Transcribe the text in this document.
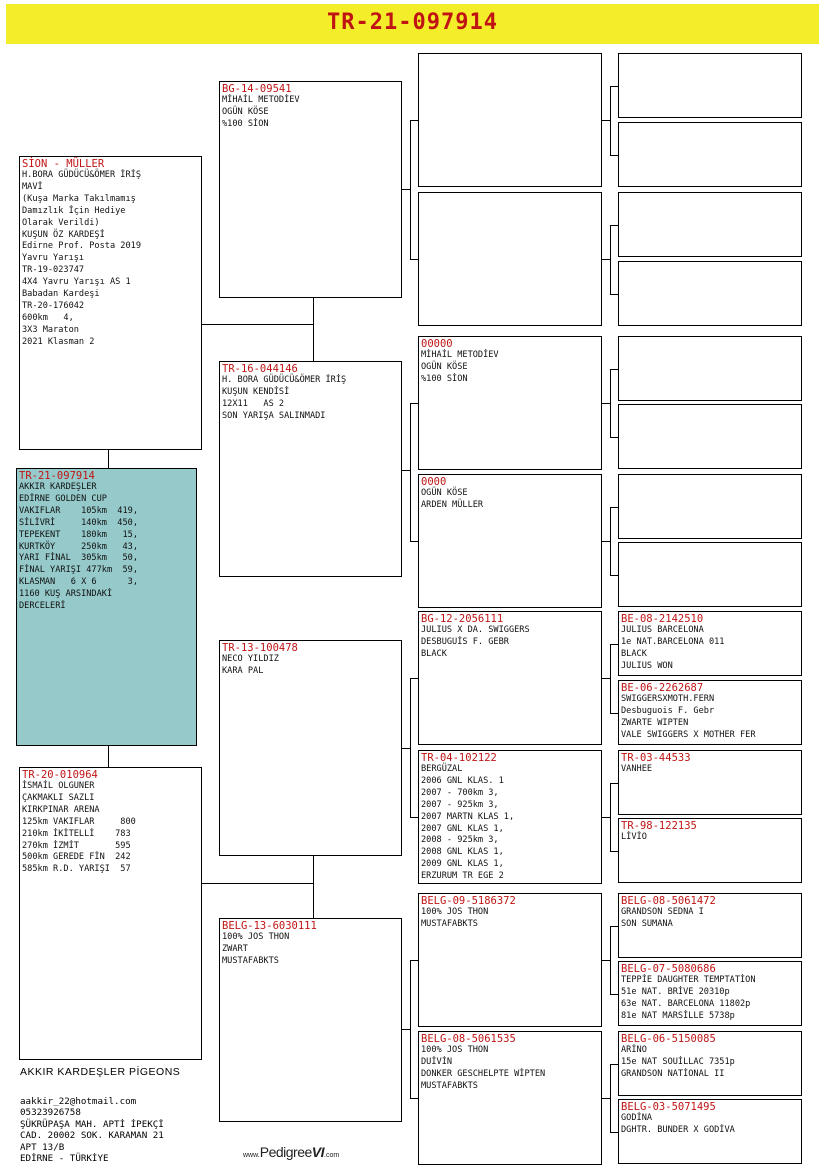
TR-21-097914
SİON - MÜLLER
H.BORA GÜDÜCÜ&ÖMER İRİŞ
MAVİ
(Kuşa Marka Takılmamış
Damızlık İçin Hediye
Olarak Verildi)
KUŞUN ÖZ KARDEŞİ
Edirne Prof. Posta 2019
Yavru Yarışı
TR-19-023747
4X4 Yavru Yarışı AS 1
Babadan Kardeşi
TR-20-176042
600km   4,
3X3 Maraton
2021 Klasman 2
TR-21-097914
AKKIR KARDEŞLER
EDİRNE GOLDEN CUP
VAKIFLAR    105km  419,
SİLİVRİ     140km  450,
TEPEKENT    180km   15,
KURTKÖY     250km   43,
YARI FİNAL  305km   50,
FİNAL YARIŞI 477km  59,
KLASMAN   6 X 6      3,
1160 KUŞ ARSINDAKİ
DERCELERİ
TR-20-010964
İSMAİL OLGUNER
ÇAKMAKLI SAZLI
KIRKPINAR ARENA
125km VAKIFLAR     800
210km İKİTELLİ    783
270km İZMİT       595
500km GEREDE FİN  242
585km R.D. YARIŞI  57
BG-14-09541
MİHAİL METODİEV
OGÜN KÖSE
%100 SİON
TR-16-044146
H. BORA GÜDÜCÜ&ÖMER İRİŞ
KUŞUN KENDİSİ
12X11   AS 2
SON YARIŞA SALINMADI
TR-13-100478
NECO YILDIZ
KARA PAL
BELG-13-6030111
100% JOS THON
ZWART
MUSTAFABKTS
00000
MİHAİL METODİEV
OGÜN KÖSE
%100 SİON
0000
OGÜN KÖSE
ARDEN MÜLLER
BG-12-2056111
JULIUS X DA. SWIGGERS
DESBUGUİS F. GEBR
BLACK
TR-04-102122
BERGÜZAL
2006 GNL KLAS. 1
2007 - 700km 3,
2007 - 925km 3,
2007 MARTN KLAS 1,
2007 GNL KLAS 1,
2008 - 925km 3,
2008 GNL KLAS 1,
2009 GNL KLAS 1,
ERZURUM TR EGE 2
BELG-09-5186372
100% JOS THON
MUSTAFABKTS
BELG-08-5061535
100% JOS THON
DUİVİN
DONKER GESCHELPTE WİPTEN
MUSTAFABKTS
BE-08-2142510
JULIUS BARCELONA
1e NAT.BARCELONA 011
BLACK
JULIUS WON
BE-06-2262687
SWIGGERSXMOTH.FERN
Desbuguois F. Gebr
ZWARTE WIPTEN
VALE SWIGGERS X MOTHER FER
TR-03-44533
VANHEE
TR-98-122135
LİVİO
BELG-08-5061472
GRANDSON SEDNA I
SON SUMANA
BELG-07-5080686
TEPPİE DAUGHTER TEMPTATİON
51e NAT. BRİVE 20310p
63e NAT. BARCELONA 11802p
81e NAT MARSİLLE 5738p
BELG-06-5150085
ARİNO
15e NAT SOUİLLAC 7351p
GRANDSON NATİONAL II
BELG-03-5071495
GODİNA
DGHTR. BUNDER X GODİVA
AKKIR KARDEŞLER PİGEONS
aakkir_22@hotmail.com
05323926758
ŞÜKRÜPAŞA MAH. APTİ İPEKÇİ
CAD. 20002 SOK. KARAMAN 21
APT 13/B
EDİRNE - TÜRKİYE	www.PedigreeVI.com
